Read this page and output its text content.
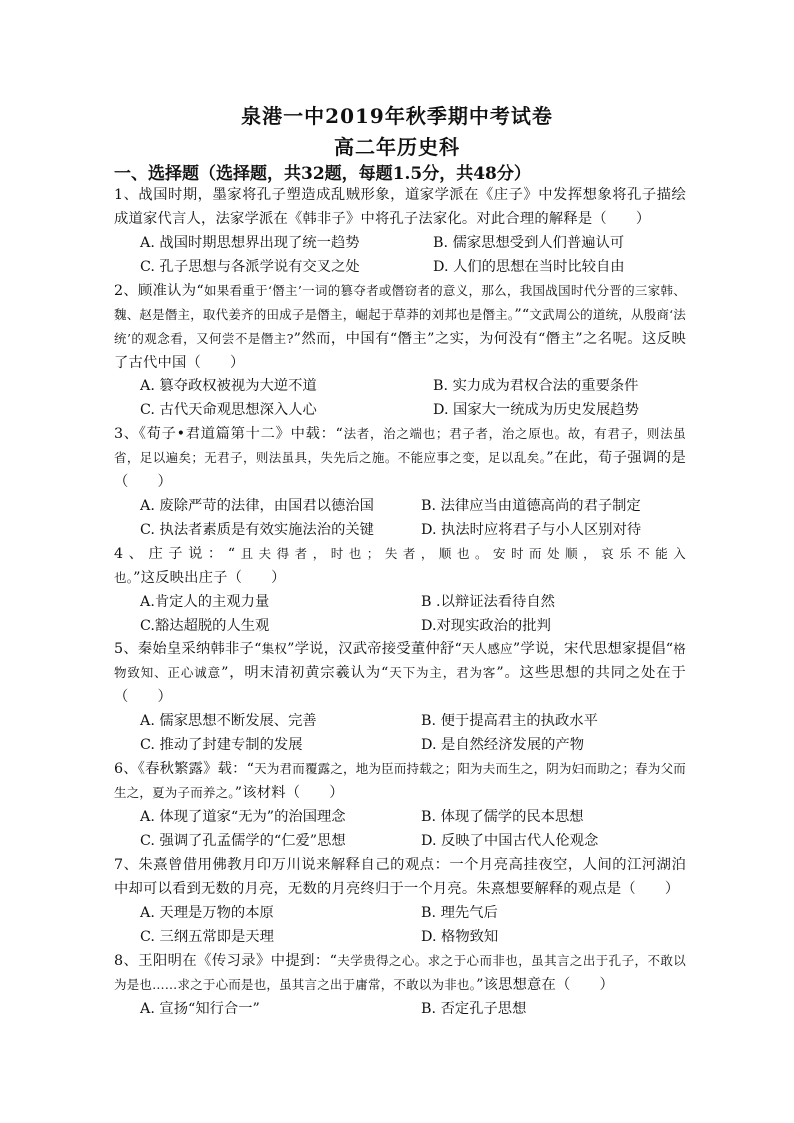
泉港一中2019年秋季期中考试卷
高二年历史科
一、选择题（选择题，共32题，每题1.5分，共48分）
1、战国时期，墨家将孔子塑造成乱贼形象，道家学派在《庄子》中发挥想象将孔子描绘成道家代言人，法家学派在《韩非子》中将孔子法家化。对此合理的解释是（　　）
A. 战国时期思想界出现了统一趋势	B. 儒家思想受到人们普遍认可
C. 孔子思想与各派学说有交叉之处	D. 人们的思想在当时比较自由
2、顾准认为“如果看重于‘僭主’一词的篡夺者或僭窃者的意义，那么，我国战国时代分晋的三家韩、魏、赵是僭主，取代姜齐的田成子是僭主，崛起于草莽的刘邦也是僭主。”“文武周公的道统，从殷商‘法统’的观念看，又何尝不是僭主?”然而，中国有“僭主”之实，为何没有“僭主”之名呢。这反映了古代中国（　　）
A. 篡夺政权被视为大逆不道	B. 实力成为君权合法的重要条件
C. 古代天命观思想深入人心	D. 国家大一统成为历史发展趋势
3、《荀子•君道篇第十二》中载：“法者，治之端也；君子者，治之原也。故，有君子，则法虽省，足以遍矣；无君子，则法虽具，失先后之施。不能应事之变，足以乱矣。”在此，荀子强调的是（　　）
A. 废除严苛的法律，由国君以德治国	B. 法律应当由道德高尚的君子制定
C. 执法者素质是有效实施法治的关键	D. 执法时应将君子与小人区别对待
4、庄子说：“且夫得者，时也；失者，顺也。安时而处顺，哀乐不能入也。”这反映出庄子（　　）
A.肯定人的主观力量	B .以辩证法看待自然
C.豁达超脱的人生观	D.对现实政治的批判
5、秦始皇采纳韩非子“集权”学说，汉武帝接受董仲舒“天人感应”学说，宋代思想家提倡“格物致知、正心诚意”，明末清初黄宗羲认为“天下为主，君为客”。这些思想的共同之处在于（　　）
A. 儒家思想不断发展、完善	B. 便于提高君主的执政水平
C. 推动了封建专制的发展	D. 是自然经济发展的产物
6、《春秋繁露》载：“天为君而覆露之，地为臣而持载之；阳为夫而生之，阴为妇而助之；春为父而生之，夏为子而养之。”该材料（　　）
A. 体现了道家“无为”的治国理念	B. 体现了儒学的民本思想
C. 强调了孔孟儒学的“仁爱”思想	D. 反映了中国古代人伦观念
7、朱熹曾借用佛教月印万川说来解释自己的观点：一个月亮高挂夜空，人间的江河湖泊中却可以看到无数的月亮，无数的月亮终归于一个月亮。朱熹想要解释的观点是（　　）
A. 天理是万物的本原	B. 理先气后
C. 三纲五常即是天理	D. 格物致知
8、王阳明在《传习录》中提到：“夫学贵得之心。求之于心而非也，虽其言之出于孔子，不敢以为是也……求之于心而是也，虽其言之出于庸常，不敢以为非也。”该思想意在（　　）
A. 宣扬“知行合一”	B. 否定孔子思想
